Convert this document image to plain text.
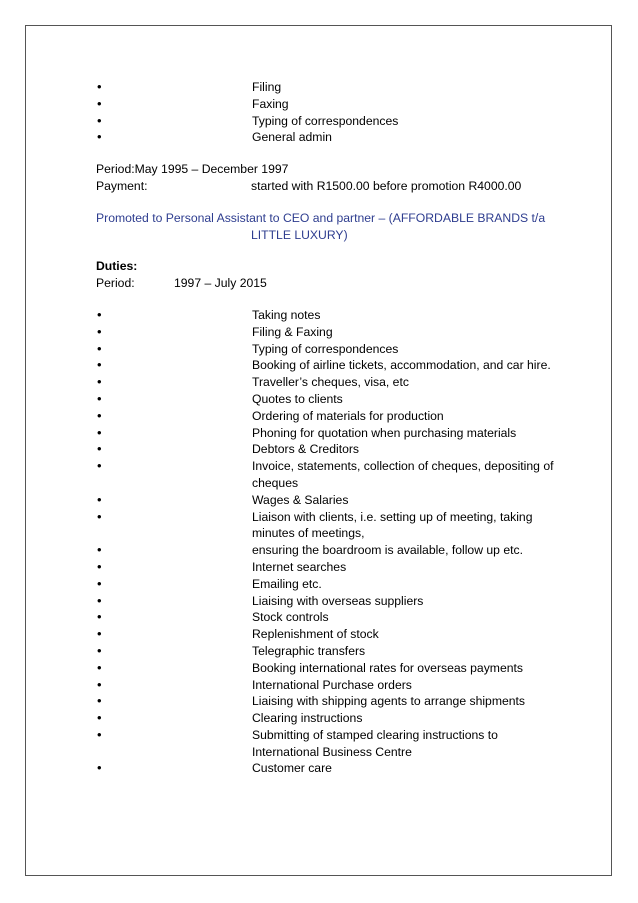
•	Filing
•	Faxing
•	Typing of correspondences
•	General admin
Period: May 1995 – December 1997
Payment:	started with R1500.00 before promotion R4000.00
Promoted to Personal Assistant to CEO and partner – (AFFORDABLE BRANDS t/a
LITTLE LUXURY)
Duties:
Period:	1997 – July 2015
•	Taking notes
•	Filing & Faxing
•	Typing of correspondences
•	Booking of airline tickets, accommodation, and car hire.
•	Traveller’s cheques, visa, etc
•	Quotes to clients
•	Ordering of materials for production
•	Phoning for quotation when purchasing materials
•	Debtors & Creditors
•	Invoice, statements, collection of cheques, depositing of cheques
•	Wages & Salaries
•	Liaison with clients, i.e. setting up of meeting, taking minutes of meetings,
•	ensuring the boardroom is available, follow up etc.
•	Internet searches
•	Emailing etc.
•	Liaising with overseas suppliers
•	Stock controls
•	Replenishment of stock
•	Telegraphic transfers
•	Booking international rates for overseas payments
•	International Purchase orders
•	Liaising with shipping agents to arrange shipments
•	Clearing instructions
•	Submitting of stamped clearing instructions to International Business Centre
•	Customer care
